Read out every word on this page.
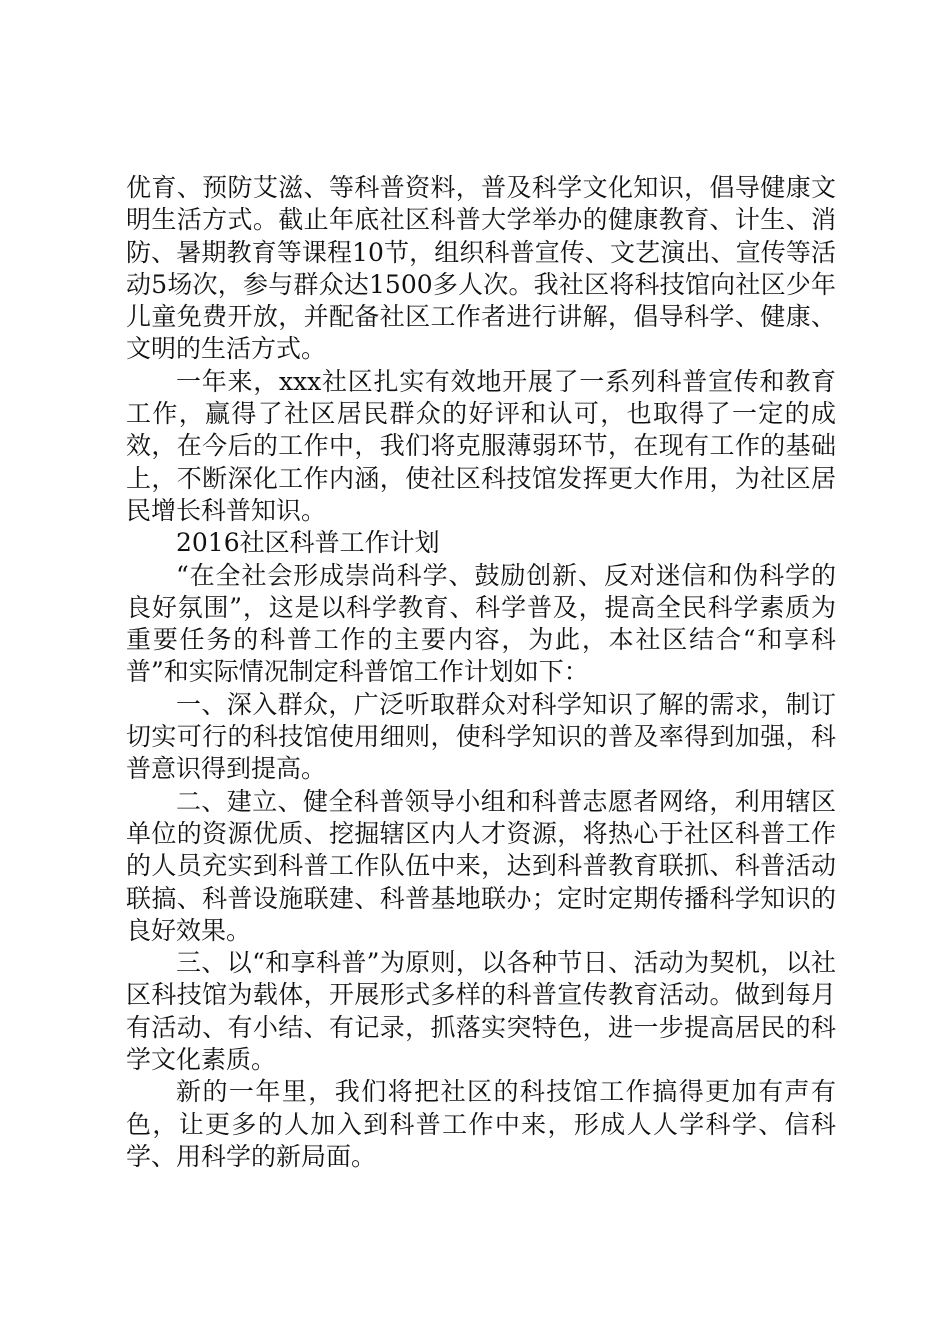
优育、预防艾滋、等科普资料，普及科学文化知识，倡导健康文明生活方式。截止年底社区科普大学举办的健康教育、计生、消防、暑期教育等课程10节，组织科普宣传、文艺演出、宣传等活动5场次，参与群众达1500多人次。我社区将科技馆向社区少年儿童免费开放，并配备社区工作者进行讲解，倡导科学、健康、文明的生活方式。

一年来，xxx社区扎实有效地开展了一系列科普宣传和教育工作，赢得了社区居民群众的好评和认可，也取得了一定的成效，在今后的工作中，我们将克服薄弱环节，在现有工作的基础上，不断深化工作内涵，使社区科技馆发挥更大作用，为社区居民增长科普知识。

2016社区科普工作计划

“在全社会形成崇尚科学、鼓励创新、反对迷信和伪科学的良好氛围”，这是以科学教育、科学普及，提高全民科学素质为重要任务的科普工作的主要内容，为此，本社区结合“和享科普”和实际情况制定科普馆工作计划如下：

一、深入群众，广泛听取群众对科学知识了解的需求，制订切实可行的科技馆使用细则，使科学知识的普及率得到加强，科普意识得到提高。

二、建立、健全科普领导小组和科普志愿者网络，利用辖区单位的资源优质、挖掘辖区内人才资源，将热心于社区科普工作的人员充实到科普工作队伍中来，达到科普教育联抓、科普活动联搞、科普设施联建、科普基地联办；定时定期传播科学知识的良好效果。

三、以“和享科普”为原则，以各种节日、活动为契机，以社区科技馆为载体，开展形式多样的科普宣传教育活动。做到每月有活动、有小结、有记录，抓落实突特色，进一步提高居民的科学文化素质。

新的一年里，我们将把社区的科技馆工作搞得更加有声有色，让更多的人加入到科普工作中来，形成人人学科学、信科学、用科学的新局面。
